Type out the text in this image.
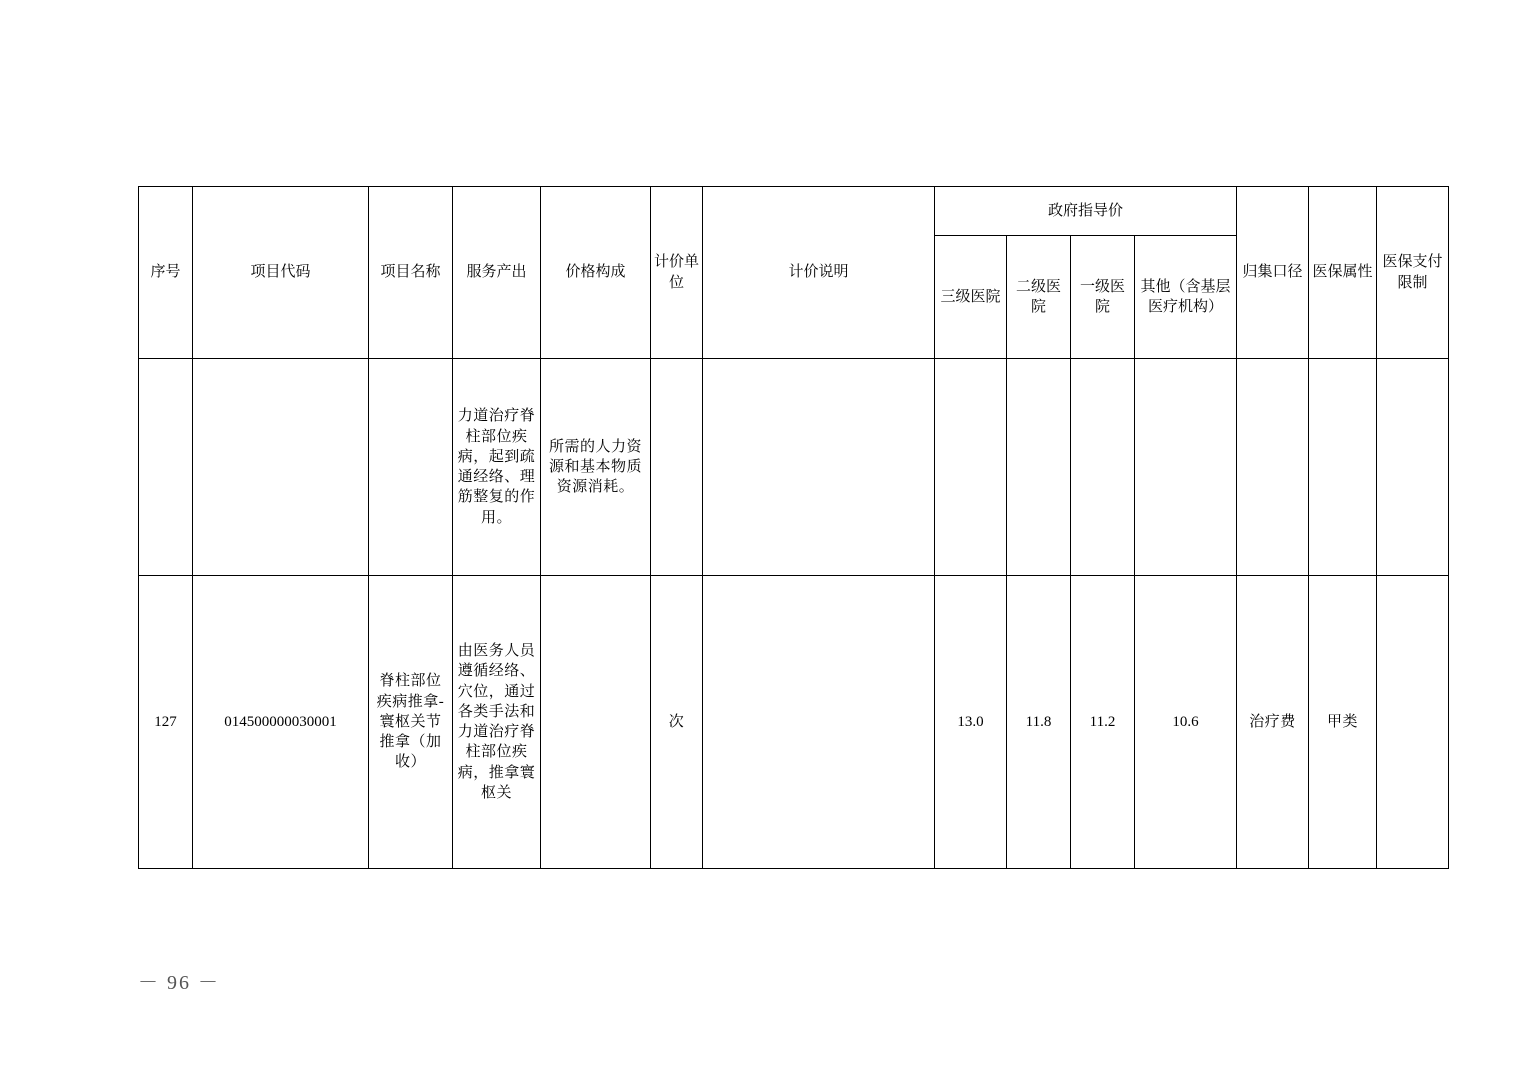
序号	项目代码	项目名称	服务产出	价格构成	计价单位	计价说明	政府指导价				归集口径	医保属性	医保支付限制
							三级医院	二级医院	一级医院	其他（含基层医疗机构）			
			力道治疗脊柱部位疾病，起到疏通经络、理筋整复的作用。	所需的人力资源和基本物质资源消耗。									
127	014500000030001	脊柱部位疾病推拿-寰枢关节推拿（加收）	由医务人员遵循经络、穴位，通过各类手法和力道治疗脊柱部位疾病，推拿寰枢关		次		13.0	11.8	11.2	10.6	治疗费	甲类	
－ 96 －
